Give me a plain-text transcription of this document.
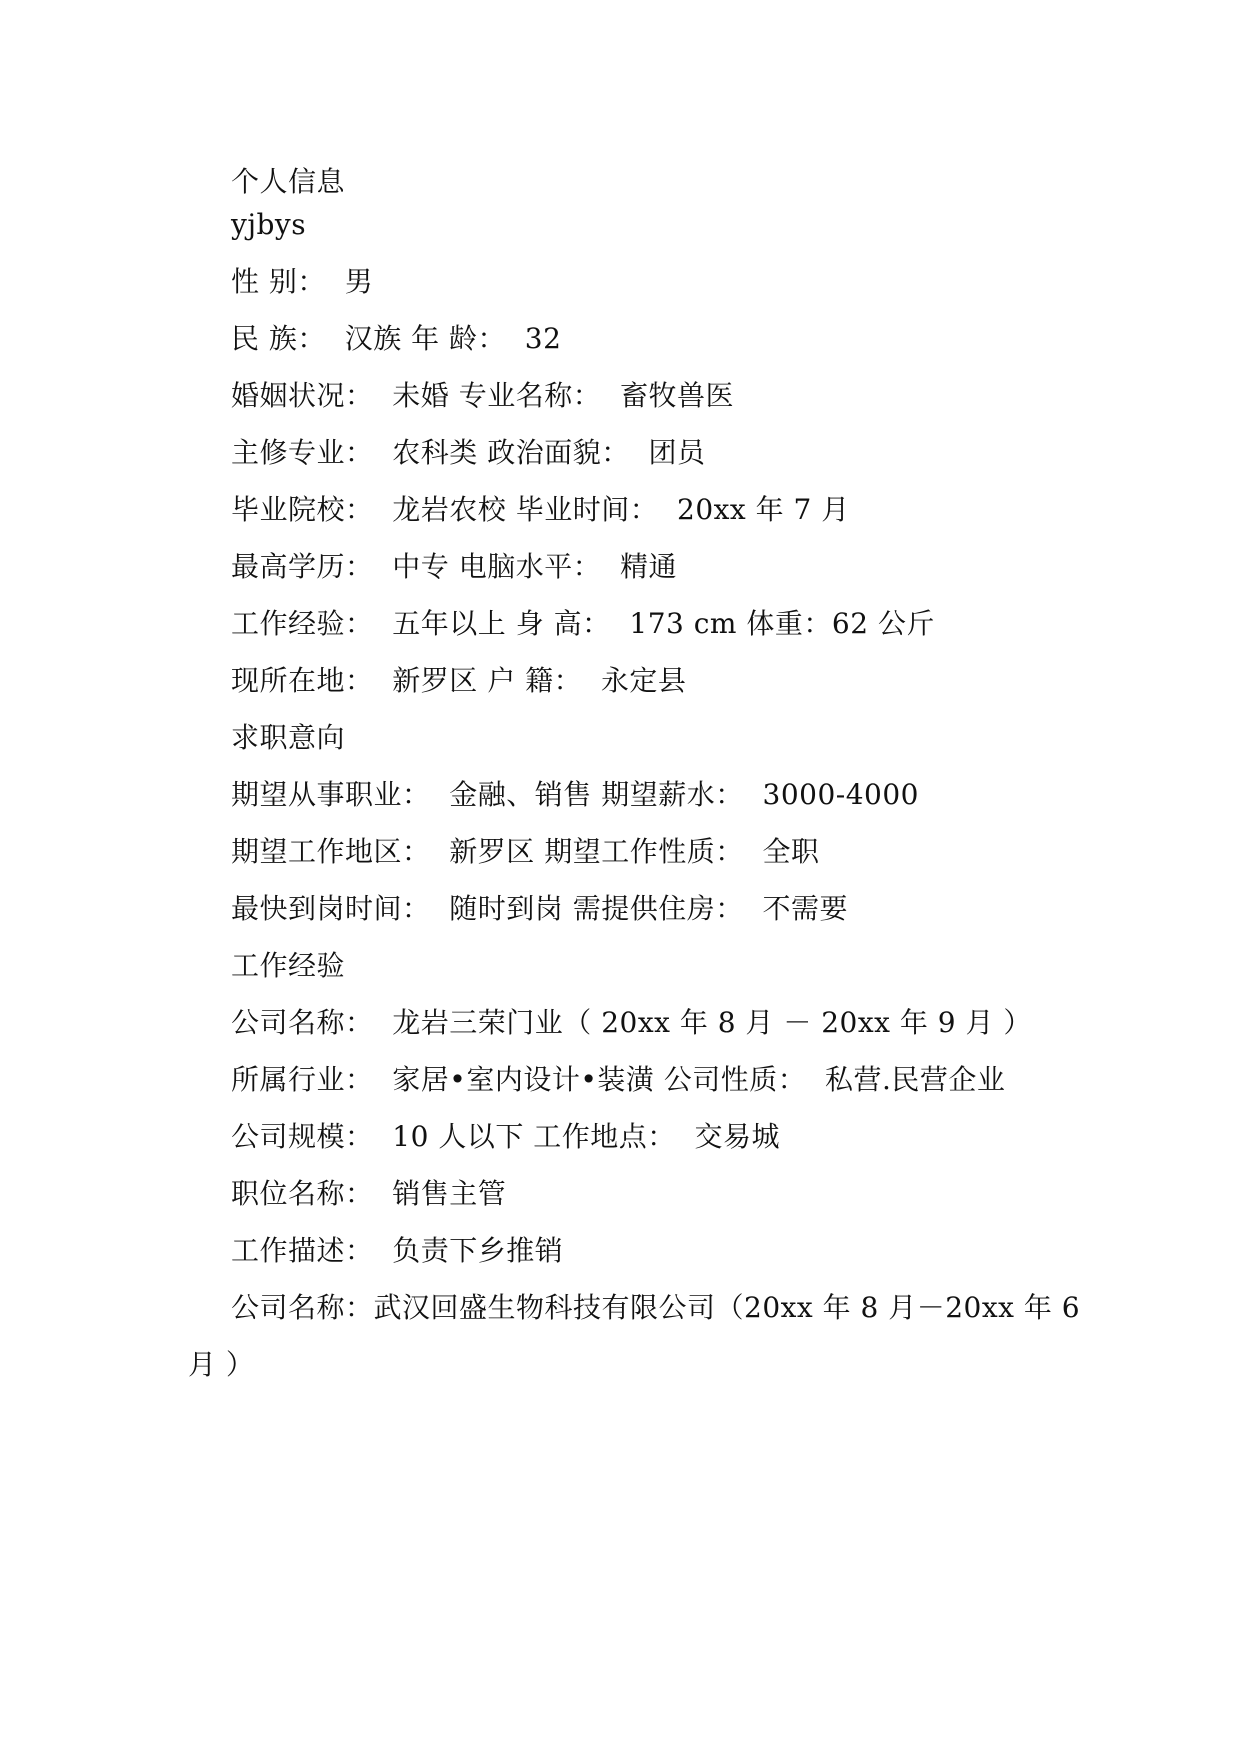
个人信息
yjbys
性 别：  男
民 族：  汉族 年 龄：  32
婚姻状况：  未婚 专业名称：  畜牧兽医
主修专业：  农科类 政治面貌：  团员
毕业院校：  龙岩农校 毕业时间：  20xx 年 7 月
最高学历：  中专 电脑水平：  精通
工作经验：  五年以上 身 高：  173 cm 体重：62 公斤
现所在地：  新罗区 户 籍：  永定县
求职意向
期望从事职业：  金融、销售 期望薪水：  3000-4000
期望工作地区：  新罗区 期望工作性质：  全职
最快到岗时间：  随时到岗 需提供住房：  不需要
工作经验
公司名称：  龙岩三荣门业（ 20xx 年 8 月 － 20xx 年 9 月 ）
所属行业：  家居•室内设计•装潢 公司性质：  私营.民营企业
公司规模：  10 人以下 工作地点：  交易城
职位名称：  销售主管
工作描述：  负责下乡推销
公司名称：武汉回盛生物科技有限公司（20xx 年 8 月－20xx 年 6
月 ）
